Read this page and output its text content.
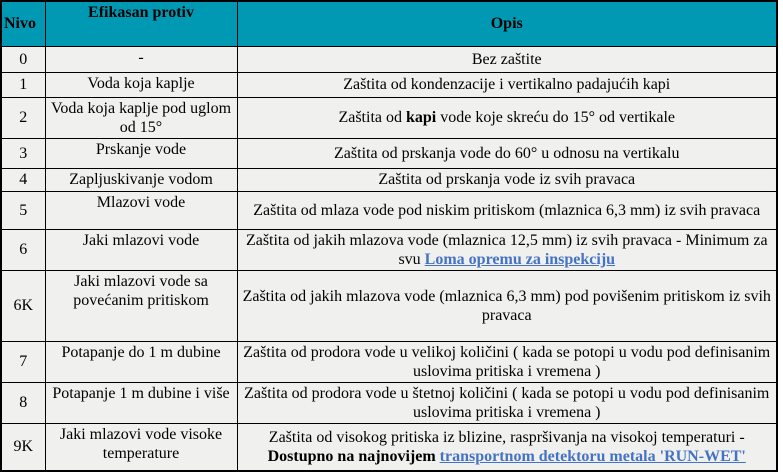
Nivo	Efikasan protiv	Opis
0	-	Bez zaštite
1	Voda koja kaplje	Zaštita od kondenzacije i vertikalno padajućih kapi
2	Voda koja kaplje pod uglom od 15°	Zaštita od kapi vode koje skreću do 15° od vertikale
3	Prskanje vode	Zaštita od prskanja vode do 60° u odnosu na vertikalu
4	Zapljuskivanje vodom	Zaštita od prskanja vode iz svih pravaca
5	Mlazovi vode	Zaštita od mlaza vode pod niskim pritiskom (mlaznica 6,3 mm) iz svih pravaca
6	Jaki mlazovi vode	Zaštita od jakih mlazova vode (mlaznica 12,5 mm) iz svih pravaca - Minimum za svu Loma opremu za inspekciju
6K	Jaki mlazovi vode sa povećanim pritiskom	Zaštita od jakih mlazova vode (mlaznica 6,3 mm) pod povišenim pritiskom iz svih pravaca
7	Potapanje do 1 m dubine	Zaštita od prodora vode u velikoj količini ( kada se potopi u vodu pod definisanim uslovima pritiska i vremena )
8	Potapanje 1 m dubine i više	Zaštita od prodora vode u štetnoj količini ( kada se potopi u vodu pod definisanim uslovima pritiska i vremena )
9K	Jaki mlazovi vode visoke temperature	Zaštita od visokog pritiska iz blizine, raspršivanja na visokoj temperaturi - Dostupno na najnovijem transportnom detektoru metala 'RUN-WET'
